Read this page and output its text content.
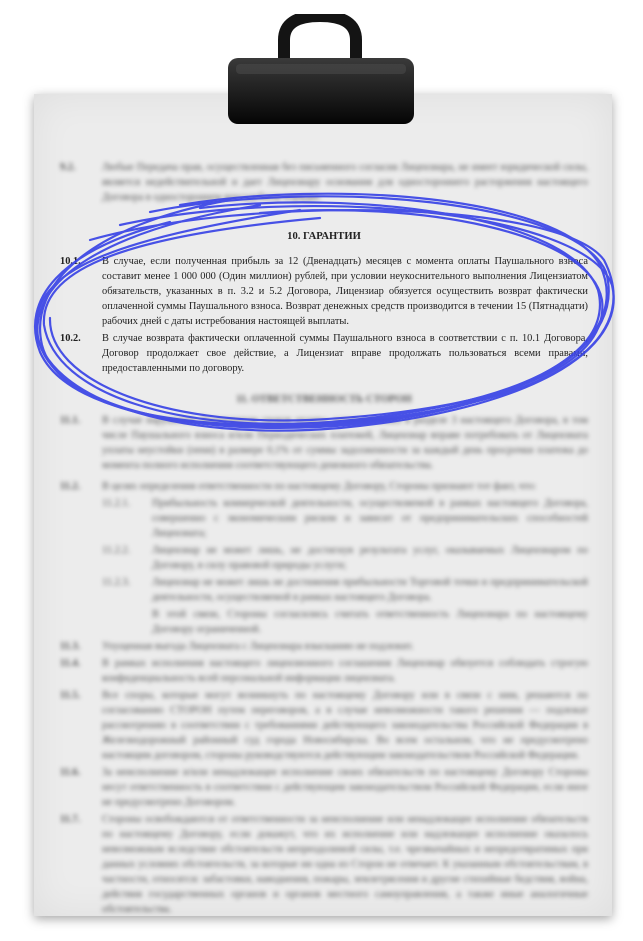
9.2.	Любые Передача прав, осуществленная без письменного согласия Лицензиара, не имеет юридической силы, является недействительной и дает Лицензиару основания для одностороннего расторжения настоящего Договора в одностороннем внесудебном порядке.

10. ГАРАНТИИ

10.1.	В случае, если полученная прибыль за 12 (Двенадцать) месяцев с момента оплаты Паушального взноса составит менее 1 000 000 (Один миллион) рублей, при условии неукоснительного выполнения Лицензиатом обязательств, указанных в п. 3.2 и 5.2 Договора, Лицензиар обязуется осуществить возврат фактически оплаченной суммы Паушального взноса. Возврат денежных средств производится в течении 15 (Пятнадцати) рабочих дней с даты истребования настоящей выплаты.
10.2.	В случае возврата фактически оплаченной суммы Паушального взноса в соответствии с п. 10.1 Договора, Договор продолжает свое действие, а Лицензиат вправе продолжать пользоваться всеми правами, предоставленными по договору.

11. ОТВЕТСТВЕННОСТЬ СТОРОН

11.1.	В случае нарушения Лицензиатом сроков оплаты, установленных в разделе 3 настоящего Договора, в том числе Паушального взноса и/или Периодических платежей, Лицензиар вправе потребовать от Лицензиата уплаты неустойки (пени) в размере 0,1% от суммы задолженности за каждый день просрочки платежа до момента полного исполнения соответствующего денежного обязательства.
11.2.	В целях определения ответственности по настоящему Договору, Стороны признают тот факт, что:
11.2.1.	Прибыльность коммерческой деятельности, осуществляемой в рамках настоящего Договора, совершенно с экономическим риском и зависит от предпринимательских способностей Лицензиата;
11.2.2.	Лицензиар не может лишь, не достигнув результата услуг, оказываемых Лицензиаром по Договору, в силу правовой природы услуги;
11.2.3.	Лицензиар не может лишь не достижения прибыльности Торговой точки и предпринимательской деятельности, осуществляемой в рамках настоящего Договора.
В этой связи, Стороны согласились считать ответственность Лицензиара по настоящему Договору ограниченной.
11.3.	Упущенная выгода Лицензиата с Лицензиара взысканию не подлежит.
11.4.	В рамках исполнения настоящего лицензионного соглашения Лицензиар обязуется соблюдать строгую конфиденциальность всей персональной информации лицензиата.
11.5.	Все споры, которые могут возникнуть по настоящему Договору или в связи с ним, решаются по согласованию СТОРОН путем переговоров, а в случае невозможности такого решения — подлежат рассмотрению в соответствии с требованиями действующего законодательства Российской Федерации в Железнодорожный районный суд города Новосибирска. Во всем остальном, что не предусмотрено настоящим договором, стороны руководствуются действующим законодательством Российской Федерации.
11.6.	За неисполнение и/или ненадлежащее исполнение своих обязательств по настоящему Договору Стороны несут ответственность в соответствии с действующим законодательством Российской Федерации, если иное не предусмотрено Договором.
11.7.	Стороны освобождаются от ответственности за неисполнение или ненадлежащее исполнение обязательств по настоящему Договору, если докажут, что их исполнение или надлежащее исполнение оказалось невозможным вследствие обстоятельств непреодолимой силы, т.е. чрезвычайных и непредотвратимых при данных условиях обстоятельств, за которые ни одна из Сторон не отвечает. К указанным обстоятельствам, в частности, относятся: забастовки, наводнения, пожары, землетрясения и другие стихийные бедствия, война, действия государственных органов и органов местного самоуправления, а также иные аналогичные обстоятельства.
